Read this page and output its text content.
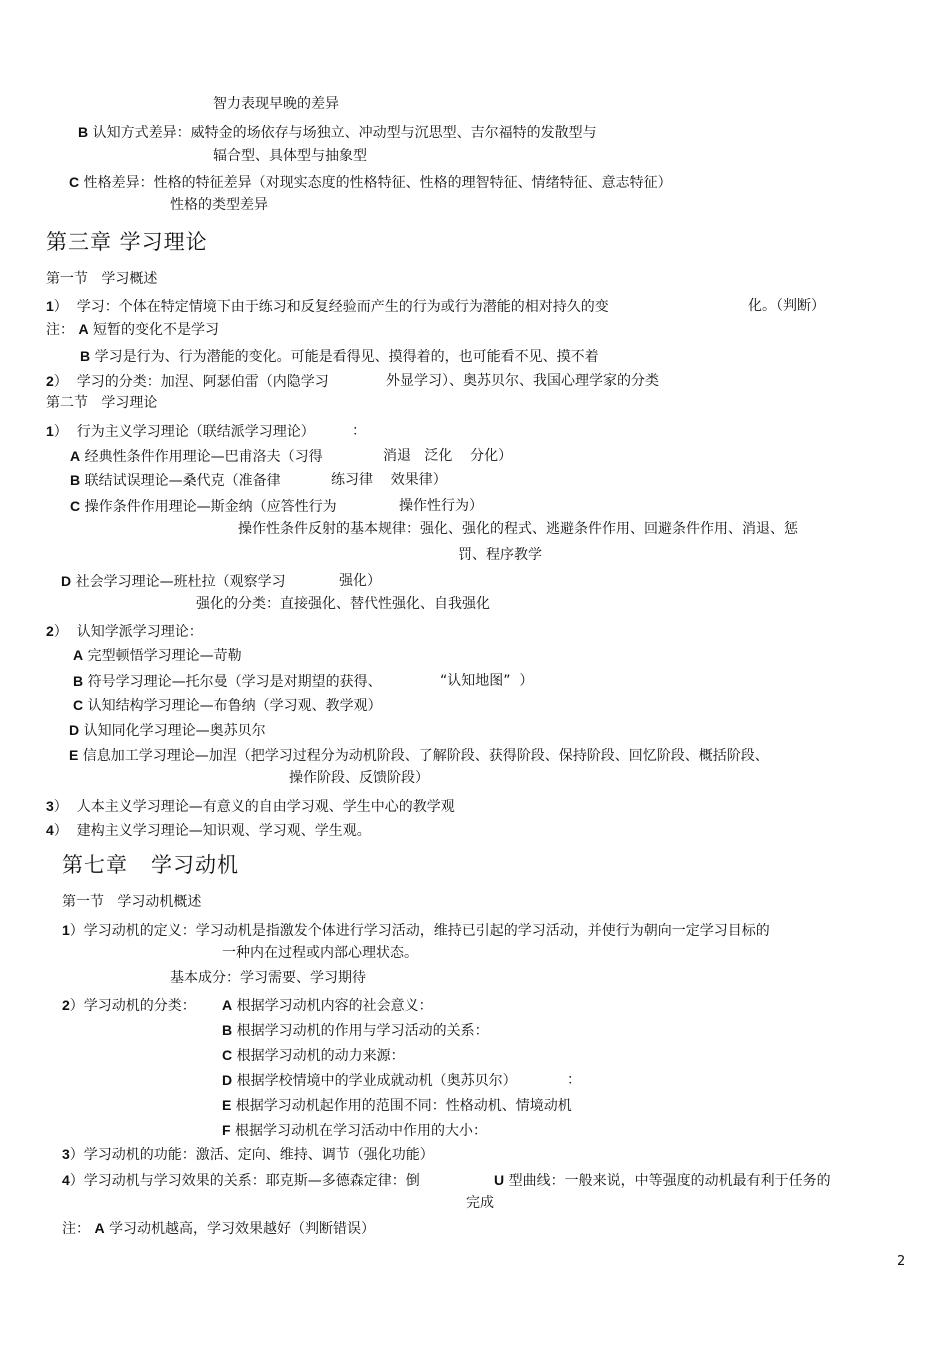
智力表现早晚的差异
B 认知方式差异：威特金的场依存与场独立、冲动型与沉思型、吉尔福特的发散型与
辐合型、具体型与抽象型
C 性格差异：性格的特征差异（对现实态度的性格特征、性格的理智特征、情绪特征、意志特征）
性格的类型差异
第三章 学习理论
第一节   学习概述
1）  学习：个体在特定情境下由于练习和反复经验而产生的行为或行为潜能的相对持久的变	化。（判断）
注： A 短暂的变化不是学习
B 学习是行为、行为潜能的变化。可能是看得见、摸得着的，也可能看不见、摸不着
2）  学习的分类：加涅、阿瑟伯雷（内隐学习	外显学习）、奥苏贝尔、我国心理学家的分类
第二节   学习理论
1）  行为主义学习理论（联结派学习理论）	：
A 经典性条件作用理论—巴甫洛夫（习得	消退   泛化    分化）
B 联结试误理论—桑代克（准备律	练习律    效果律）
C 操作条件作用理论—斯金纳（应答性行为	操作性行为）
操作性条件反射的基本规律：强化、强化的程式、逃避条件作用、回避条件作用、消退、惩
罚、程序教学
D 社会学习理论—班杜拉（观察学习	强化）
强化的分类：直接强化、替代性强化、自我强化
2）  认知学派学习理论：
A 完型顿悟学习理论—苛勒
B 符号学习理论—托尔曼（学习是对期望的获得、	“认知地图”  ）
C 认知结构学习理论—布鲁纳（学习观、教学观）
D 认知同化学习理论—奥苏贝尔
E 信息加工学习理论—加涅（把学习过程分为动机阶段、了解阶段、获得阶段、保持阶段、回忆阶段、概括阶段、
操作阶段、反馈阶段）
3）  人本主义学习理论—有意义的自由学习观、学生中心的教学观
4）  建构主义学习理论—知识观、学习观、学生观。
第七章   学习动机
第一节   学习动机概述
1）学习动机的定义：学习动机是指激发个体进行学习活动，维持已引起的学习活动，并使行为朝向一定学习目标的
一种内在过程或内部心理状态。
基本成分：学习需要、学习期待
2）学习动机的分类： A 根据学习动机内容的社会意义：
B 根据学习动机的作用与学习活动的关系：
C 根据学习动机的动力来源：
D 根据学校情境中的学业成就动机（奥苏贝尔）	：
E 根据学习动机起作用的范围不同：性格动机、情境动机
F 根据学习动机在学习活动中作用的大小：
3）学习动机的功能：激活、定向、维持、调节（强化功能）
4）学习动机与学习效果的关系：耶克斯—多德森定律：倒	U 型曲线：一般来说，中等强度的动机最有利于任务的
完成
注： A 学习动机越高，学习效果越好（判断错误）
2
